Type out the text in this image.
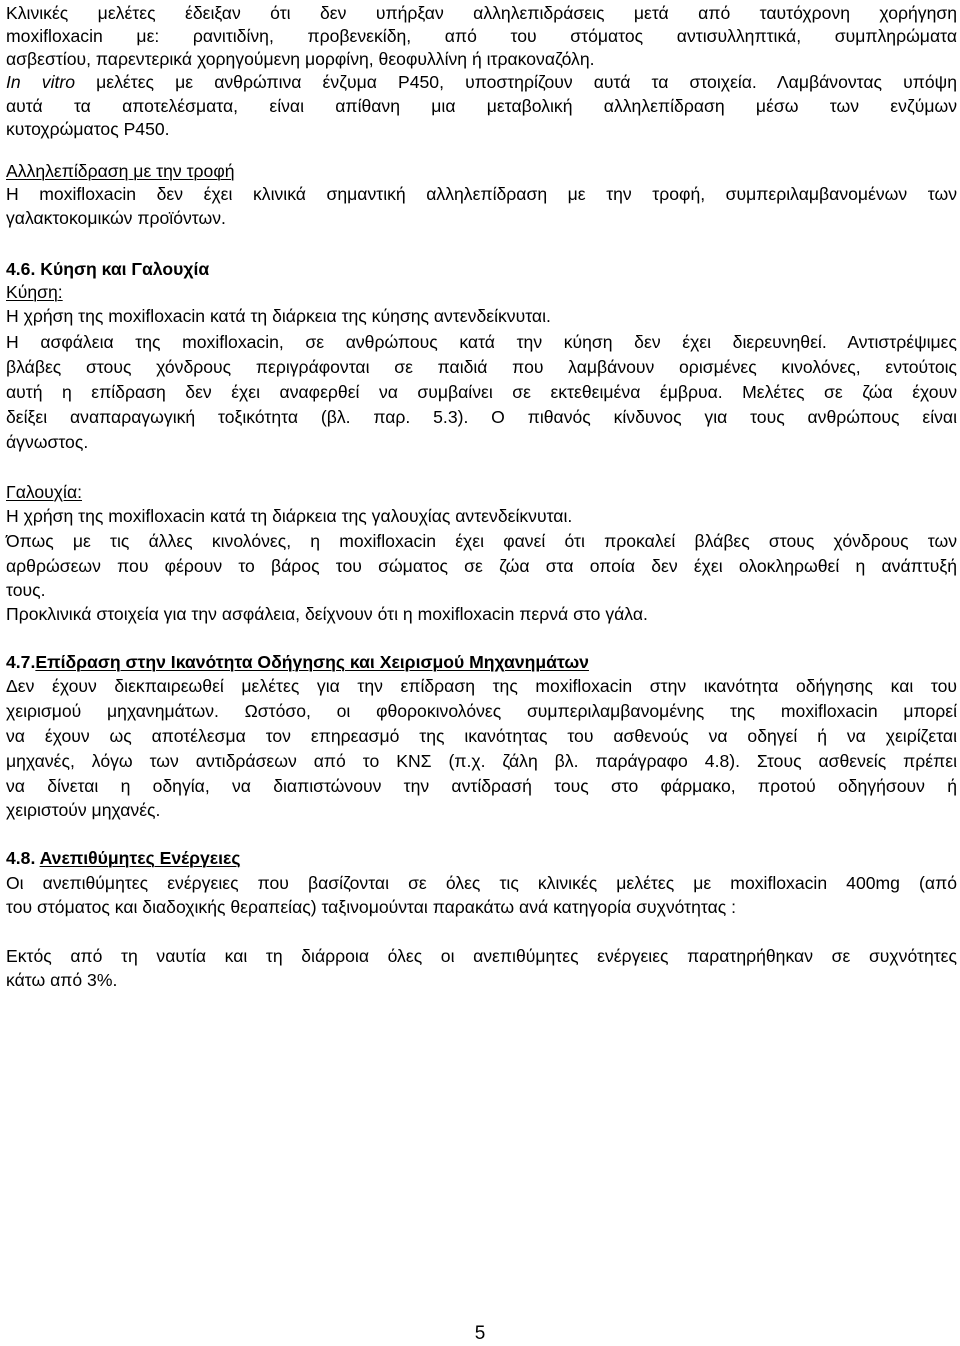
Κλινικές μελέτες έδειξαν ότι δεν υπήρξαν αλληλεπιδράσεις μετά από ταυτόχρονη χορήγηση
moxifloxacin με: ρανιτιδίνη, προβενεκίδη, από του στόματος αντισυλληπτικά, συμπληρώματα
ασβεστίου, παρεντερικά χορηγούμενη μορφίνη, θεοφυλλίνη ή ιτρακοναζόλη.
In vitro μελέτες με ανθρώπινα ένζυμα P450, υποστηρίζουν αυτά τα στοιχεία. Λαμβάνοντας υπόψη
αυτά τα αποτελέσματα, είναι απίθανη μια μεταβολική αλληλεπίδραση μέσω των ενζύμων
κυτοχρώματος P450.
Αλληλεπίδραση με την τροφή
Η moxifloxacin δεν έχει κλινικά σημαντική αλληλεπίδραση με την τροφή, συμπεριλαμβανομένων των
γαλακτοκομικών προϊόντων.
4.6. Κύηση και Γαλουχία
Κύηση:
Η χρήση της moxifloxacin κατά τη διάρκεια της κύησης αντενδείκνυται.
Η ασφάλεια της moxifloxacin, σε ανθρώπους κατά την κύηση δεν έχει διερευνηθεί. Αντιστρέψιμες
βλάβες στους χόνδρους περιγράφονται σε παιδιά που λαμβάνουν ορισμένες κινολόνες, εντούτοις
αυτή η επίδραση δεν έχει αναφερθεί να συμβαίνει σε εκτεθειμένα έμβρυα. Μελέτες σε ζώα έχουν
δείξει αναπαραγωγική τοξικότητα (βλ. παρ. 5.3). Ο πιθανός κίνδυνος για τους ανθρώπους είναι
άγνωστος.
Γαλουχία:
Η χρήση της moxifloxacin κατά τη διάρκεια της γαλουχίας αντενδείκνυται.
Όπως με τις άλλες κινολόνες, η moxifloxacin έχει φανεί ότι προκαλεί βλάβες στους χόνδρους των
αρθρώσεων που φέρουν το βάρος του σώματος σε ζώα στα οποία δεν έχει ολοκληρωθεί η ανάπτυξή
τους.
Προκλινικά στοιχεία για την ασφάλεια, δείχνουν ότι η moxifloxacin περνά στο γάλα.
4.7.Επίδραση στην Ικανότητα Οδήγησης και Χειρισμού Μηχανημάτων
Δεν έχουν διεκπαιρεωθεί μελέτες για την επίδραση της moxifloxacin στην ικανότητα οδήγησης και του
χειρισμού μηχανημάτων. Ωστόσο, οι φθοροκινολόνες συμπεριλαμβανομένης της moxifloxacin μπορεί
να έχουν ως αποτέλεσμα τον επηρεασμό της ικανότητας του ασθενούς να οδηγεί ή να χειρίζεται
μηχανές, λόγω των αντιδράσεων από το ΚΝΣ (π.χ. ζάλη βλ. παράγραφο 4.8). Στους ασθενείς πρέπει
να δίνεται η οδηγία, να διαπιστώνουν την αντίδρασή τους στο φάρμακο, προτού οδηγήσουν ή
χειριστούν μηχανές.
4.8. Ανεπιθύμητες Ενέργειες
Οι ανεπιθύμητες ενέργειες που βασίζονται σε όλες τις κλινικές μελέτες με moxifloxacin 400mg (από
του στόματος και διαδοχικής θεραπείας) ταξινομούνται παρακάτω ανά κατηγορία συχνότητας :
Εκτός από τη ναυτία και τη διάρροια όλες οι ανεπιθύμητες ενέργειες παρατηρήθηκαν σε συχνότητες
κάτω από 3%.
5
